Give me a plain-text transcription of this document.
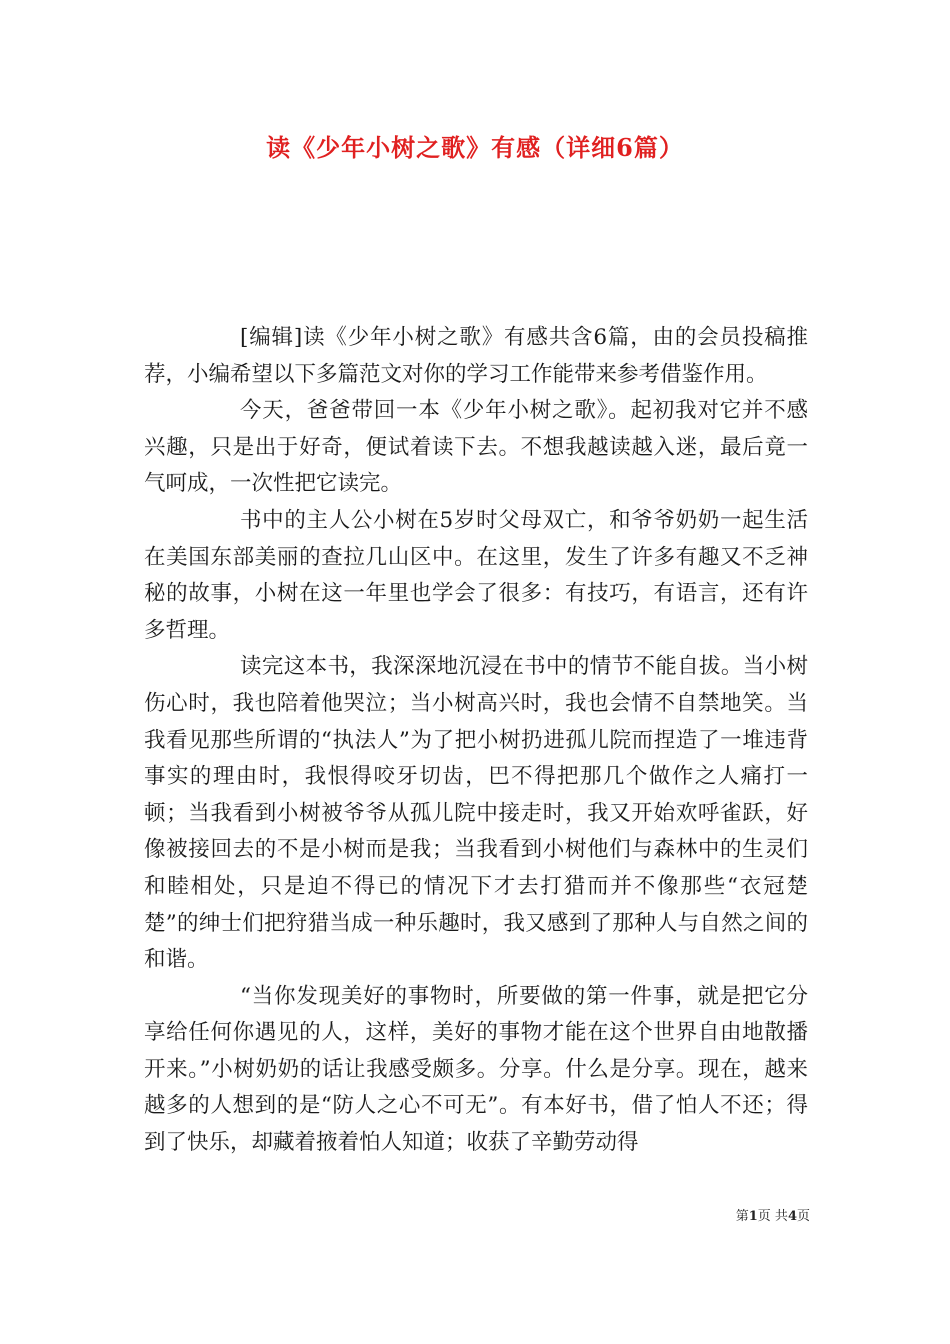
读《少年小树之歌》有感（详细6篇）

[编辑]读《少年小树之歌》有感共含6篇，由的会员投稿推荐，小编希望以下多篇范文对你的学习工作能带来参考借鉴作用。

今天，爸爸带回一本《少年小树之歌》。起初我对它并不感兴趣，只是出于好奇，便试着读下去。不想我越读越入迷，最后竟一气呵成，一次性把它读完。

书中的主人公小树在5岁时父母双亡，和爷爷奶奶一起生活在美国东部美丽的查拉几山区中。在这里，发生了许多有趣又不乏神秘的故事，小树在这一年里也学会了很多：有技巧，有语言，还有许多哲理。

读完这本书，我深深地沉浸在书中的情节不能自拔。当小树伤心时，我也陪着他哭泣；当小树高兴时，我也会情不自禁地笑。当我看见那些所谓的“执法人”为了把小树扔进孤儿院而捏造了一堆违背事实的理由时，我恨得咬牙切齿，巴不得把那几个做作之人痛打一顿；当我看到小树被爷爷从孤儿院中接走时，我又开始欢呼雀跃，好像被接回去的不是小树而是我；当我看到小树他们与森林中的生灵们和睦相处，只是迫不得已的情况下才去打猎而并不像那些“衣冠楚楚”的绅士们把狩猎当成一种乐趣时，我又感到了那种人与自然之间的和谐。

“当你发现美好的事物时，所要做的第一件事，就是把它分享给任何你遇见的人，这样，美好的事物才能在这个世界自由地散播开来。”小树奶奶的话让我感受颇多。分享。什么是分享。现在，越来越多的人想到的是“防人之心不可无”。有本好书，借了怕人不还；得到了快乐，却藏着掖着怕人知道；收获了辛勤劳动得

第1页 共4页
